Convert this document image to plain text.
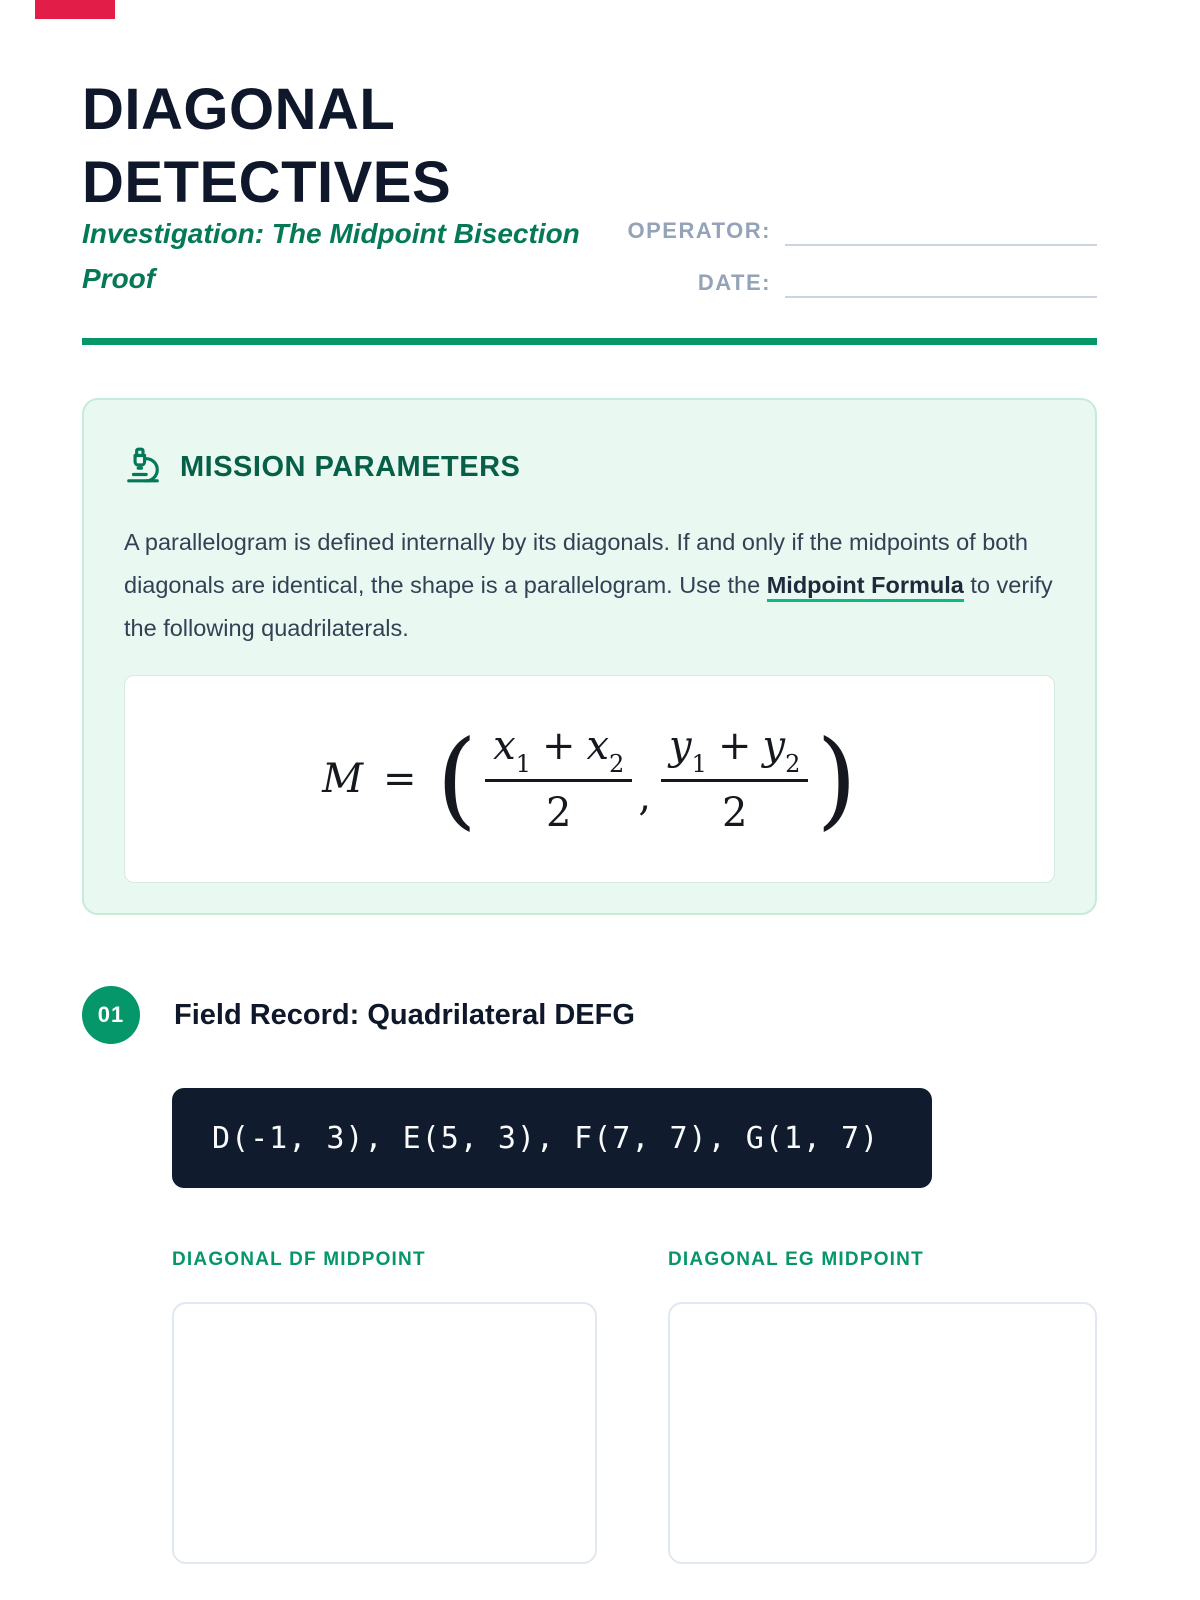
DIAGONAL
DETECTIVES
Investigation: The Midpoint Bisection
Proof
OPERATOR:
DATE:
MISSION PARAMETERS

A parallelogram is defined internally by its diagonals. If and only if the midpoints of both diagonals are identical, the shape is a parallelogram. Use the Midpoint Formula to verify the following quadrilaterals.

M = ( $\frac{x_1 + x_2}{2}$ , $\frac{y_1 + y_2}{2}$ )
01	Field Record: Quadrilateral DEFG
D(-1, 3), E(5, 3), F(7, 7), G(1, 7)
DIAGONAL DF MIDPOINT	DIAGONAL EG MIDPOINT
